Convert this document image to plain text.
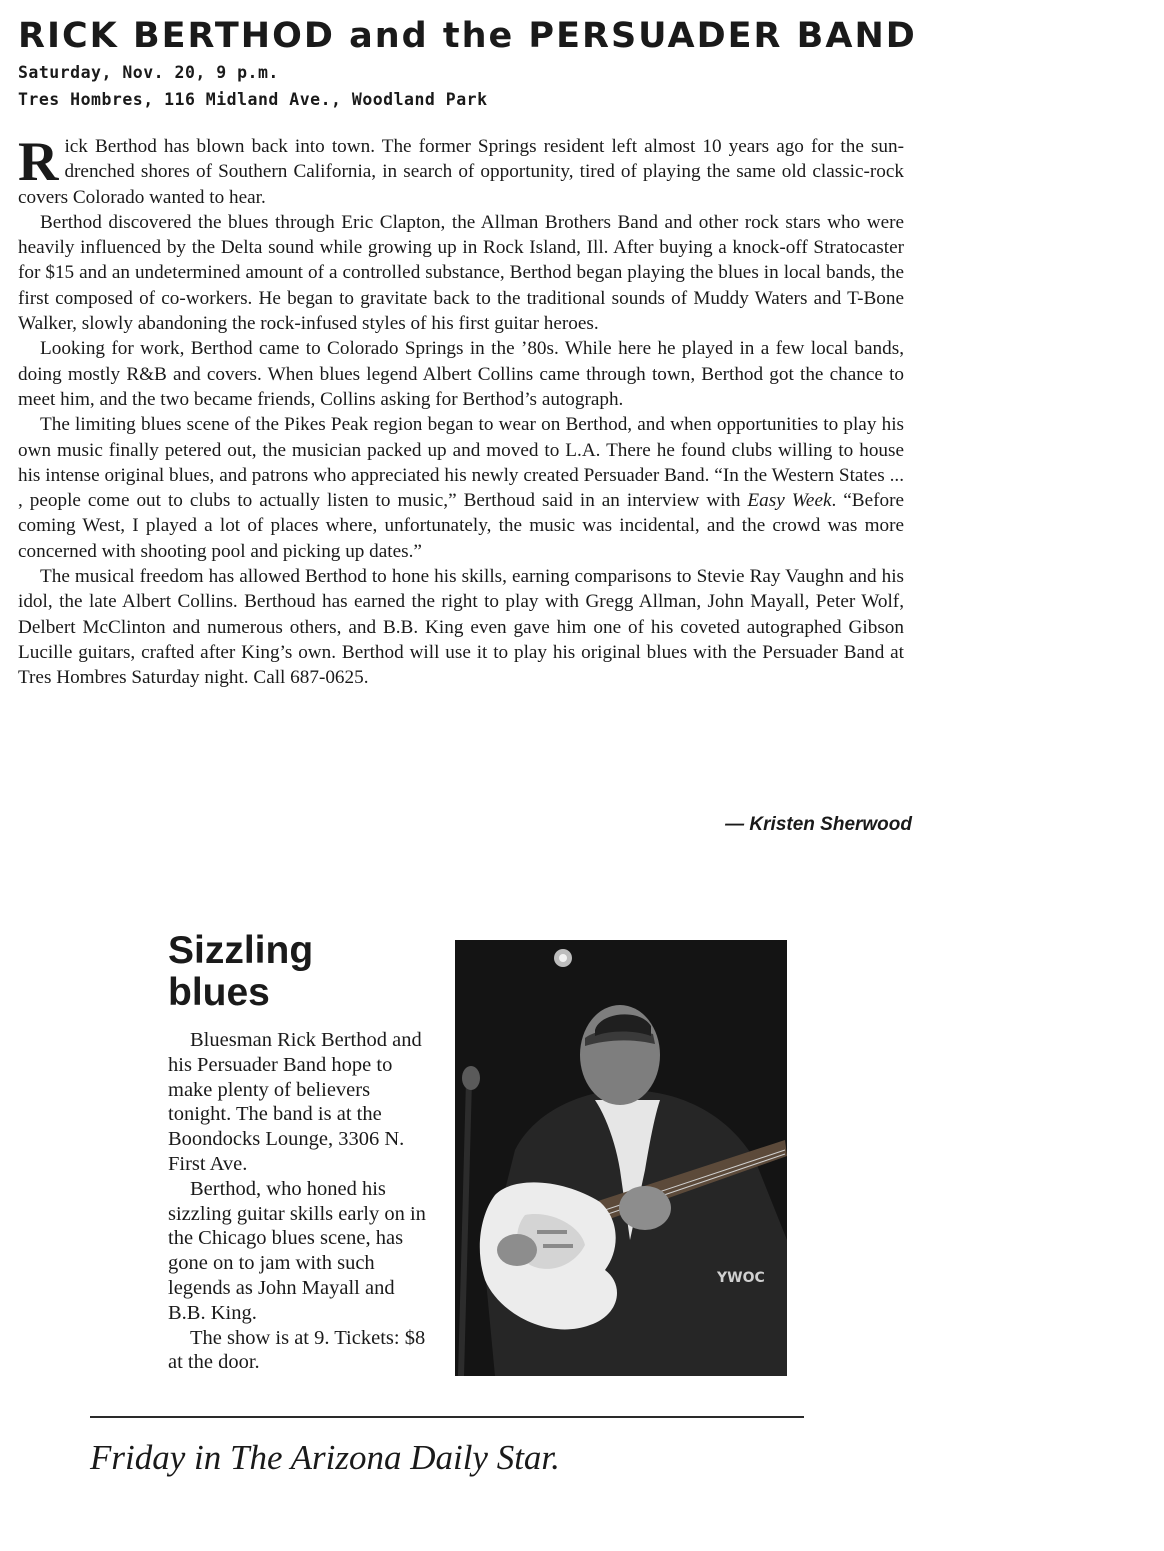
RICK BERTHOD and the PERSUADER BAND
Saturday, Nov. 20, 9 p.m.
Tres Hombres, 116 Midland Ave., Woodland Park

Rick Berthod has blown back into town. The former Springs resident left almost 10 years ago for the sun-drenched shores of Southern California, in search of opportunity, tired of playing the same old classic-rock covers Colorado wanted to hear.

Berthod discovered the blues through Eric Clapton, the Allman Brothers Band and other rock stars who were heavily influenced by the Delta sound while growing up in Rock Island, Ill. After buying a knock-off Stratocaster for $15 and an undetermined amount of a controlled substance, Berthod began playing the blues in local bands, the first composed of co-workers. He began to gravitate back to the traditional sounds of Muddy Waters and T-Bone Walker, slowly abandoning the rock-infused styles of his first guitar heroes.

Looking for work, Berthod came to Colorado Springs in the ’80s. While here he played in a few local bands, doing mostly R&B and covers. When blues legend Albert Collins came through town, Berthod got the chance to meet him, and the two became friends, Collins asking for Berthod’s autograph.

The limiting blues scene of the Pikes Peak region began to wear on Berthod, and when opportunities to play his own music finally petered out, the musician packed up and moved to L.A. There he found clubs willing to house his intense original blues, and patrons who appreciated his newly created Persuader Band. “In the Western States ... , people come out to clubs to actually listen to music,” Berthoud said in an interview with Easy Week. “Before coming West, I played a lot of places where, unfortunately, the music was incidental, and the crowd was more concerned with shooting pool and picking up dates.”

The musical freedom has allowed Berthod to hone his skills, earning comparisons to Stevie Ray Vaughn and his idol, the late Albert Collins. Berthoud has earned the right to play with Gregg Allman, John Mayall, Peter Wolf, Delbert McClinton and numerous others, and B.B. King even gave him one of his coveted autographed Gibson Lucille guitars, crafted after King’s own. Berthod will use it to play his original blues with the Persuader Band at Tres Hombres Saturday night. Call 687-0625.

— Kristen Sherwood
Sizzling
blues

Bluesman Rick Berthod and his Persuader Band hope to make plenty of believers tonight. The band is at the Boondocks Lounge, 3306 N. First Ave.

Berthod, who honed his sizzling guitar skills early on in the Chicago blues scene, has gone on to jam with such legends as John Mayall and B.B. King.

The show is at 9. Tickets: $8 at the door.

YWOC
Friday in The Arizona Daily Star.
